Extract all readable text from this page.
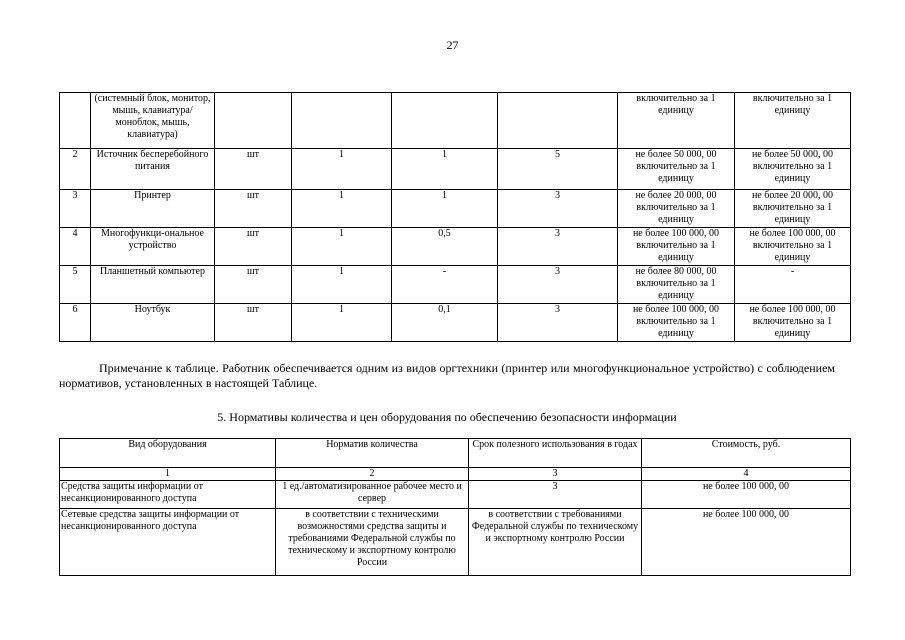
27
	(системный блок, монитор, мышь, клавиатура/моноблок, мышь, клавиатура)					включительно за 1 единицу	включительно за 1 единицу
2	Источник бесперебойного питания	шт	1	1	5	не более 50 000, 00 включительно за 1 единицу	не более 50 000, 00 включительно за 1 единицу
3	Принтер	шт	1	1	3	не более 20 000, 00 включительно за 1 единицу	не более 20 000, 00 включительно за 1 единицу
4	Многофункци-ональное устройство	шт	1	0,5	3	не более 100 000, 00 включительно за 1 единицу	не более 100 000, 00 включительно за 1 единицу
5	Планшетный компьютер	шт	1	-	3	не более 80 000, 00 включительно за 1 единицу	-
6	Ноутбук	шт	1	0,1	3	не более 100 000, 00 включительно за 1 единицу	не более 100 000, 00 включительно за 1 единицу
Примечание к таблице. Работник обеспечивается одним из видов оргтехники (принтер или многофункциональное устройство) с соблюдением нормативов, установленных в настоящей Таблице.
5. Нормативы количества и цен оборудования по обеспечению безопасности информации
Вид оборудования	Норматив количества	Срок полезного использования в годах	Стоимость, руб.
1	2	3	4
Средства защиты информации от несанкционированного доступа	1 ед./автоматизированное рабочее место и сервер	3	не более 100 000, 00
Сетевые средства защиты информации от несанкционированного доступа	в соответствии с техническими возможностями средства защиты и требованиями Федеральной службы по техническому и экспортному контролю России	в соответствии с требованиями Федеральной службы по техническому и экспортному контролю России	не более 100 000, 00
